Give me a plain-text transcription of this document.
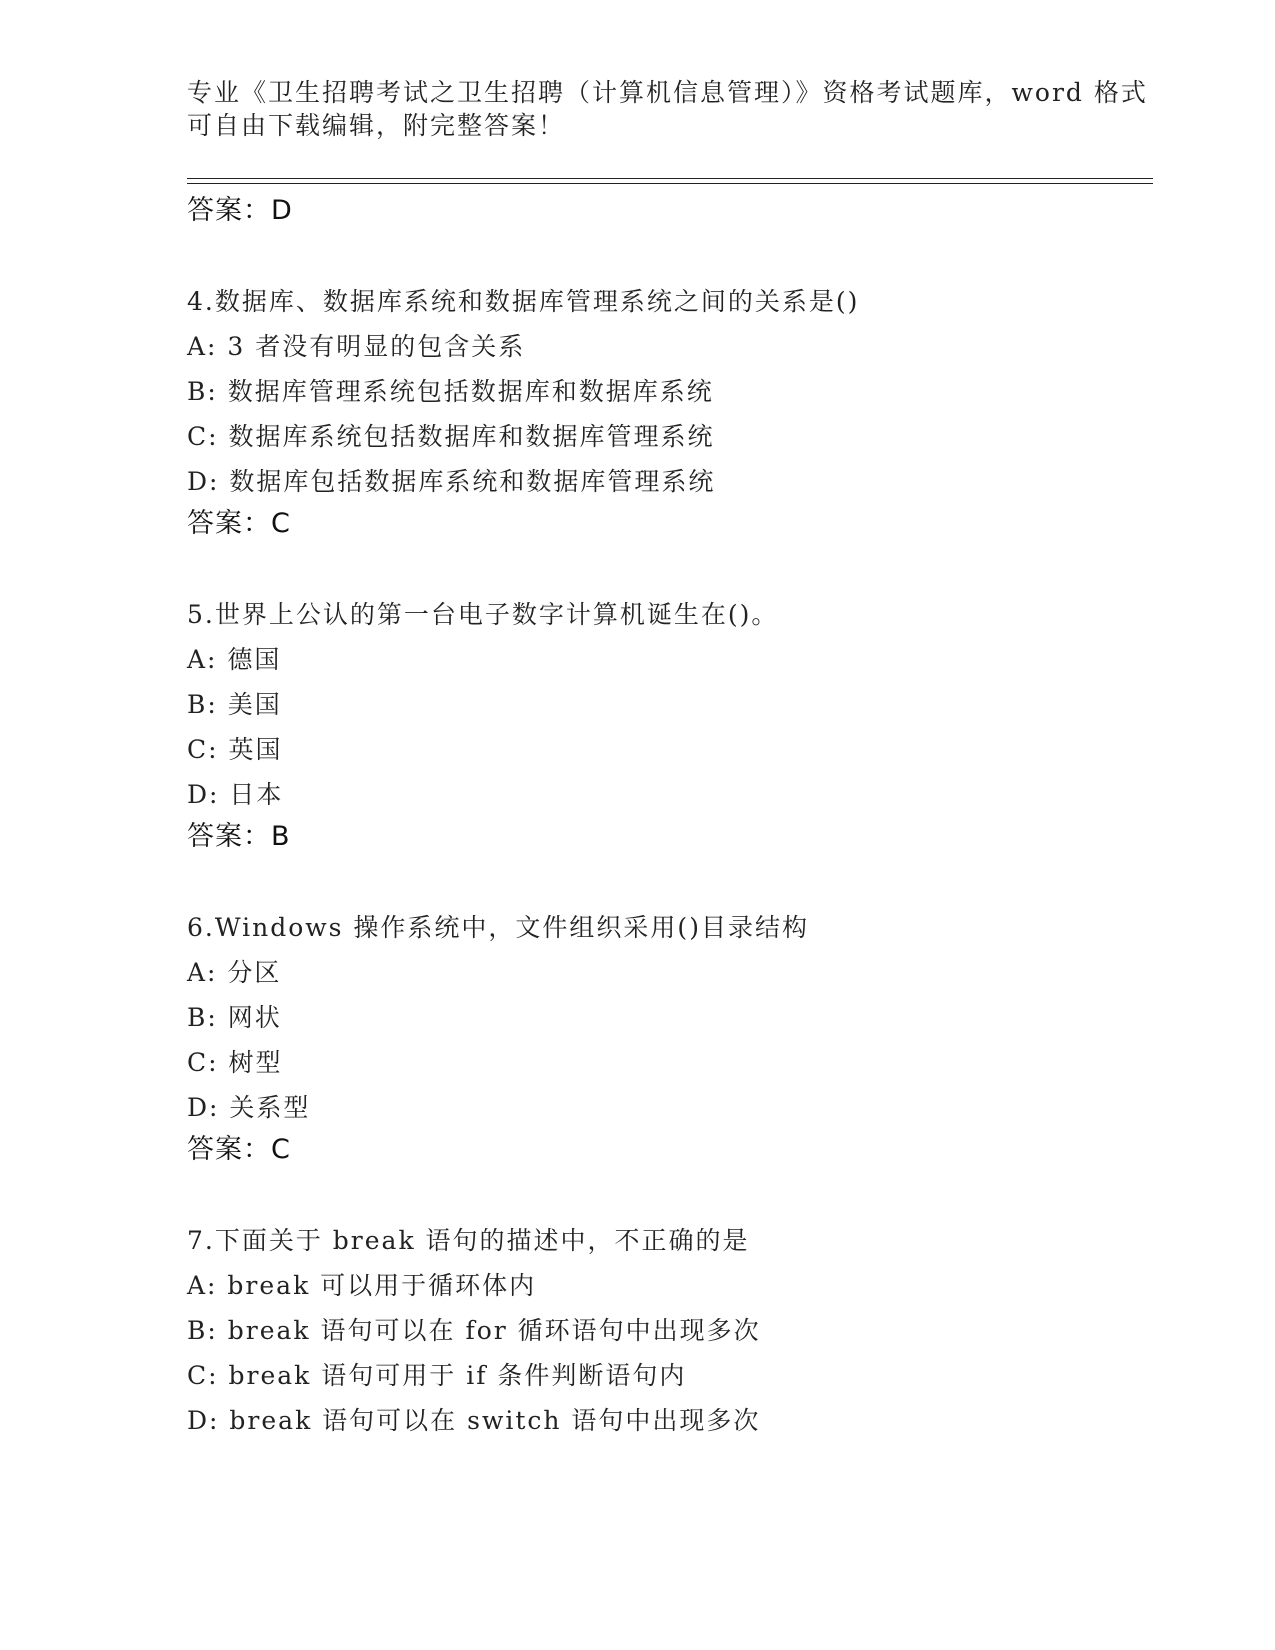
专业《卫生招聘考试之卫生招聘（计算机信息管理）》资格考试题库，word 格式
可自由下载编辑，附完整答案！
答案：D
4.数据库、数据库系统和数据库管理系统之间的关系是()
A: 3 者没有明显的包含关系
B: 数据库管理系统包括数据库和数据库系统
C: 数据库系统包括数据库和数据库管理系统
D: 数据库包括数据库系统和数据库管理系统
答案：C
5.世界上公认的第一台电子数字计算机诞生在()。
A: 德国
B: 美国
C: 英国
D: 日本
答案：B
6.Windows 操作系统中，文件组织采用()目录结构
A: 分区
B: 网状
C: 树型
D: 关系型
答案：C
7.下面关于 break 语句的描述中，不正确的是
A: break 可以用于循环体内
B: break 语句可以在 for 循环语句中出现多次
C: break 语句可用于 if 条件判断语句内
D: break 语句可以在 switch 语句中出现多次
